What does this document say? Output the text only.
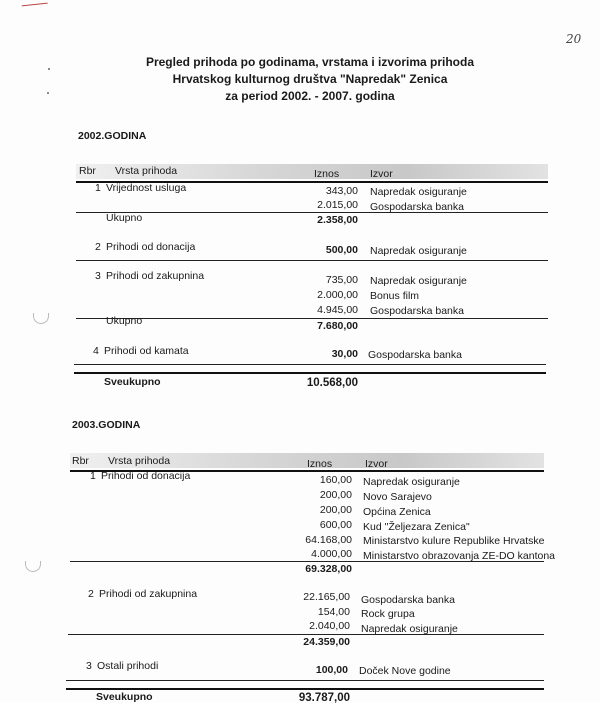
20
Pregled prihoda po godinama, vrstama i izvorima prihoda
Hrvatskog kulturnog društva "Napredak" Zenica
za period 2002. - 2007. godina
2002.GODINA
Rbr Vrsta prihoda	Iznos	Izvor
1 Vrijednost usluga	343,00 Napredak osiguranje
2.015,00 Gospodarska banka
Ukupno	2.358,00
2 Prihodi od donacija	500,00 Napredak osiguranje
3 Prihodi od zakupnina	735,00 Napredak osiguranje
2.000,00 Bonus film
4.945,00 Gospodarska banka
Ukupno	7.680,00
4 Prihodi od kamata	30,00 Gospodarska banka
Sveukupno	10.568,00
2003.GODINA
Rbr Vrsta prihoda	Iznos	Izvor
1 Prihodi od donacija	160,00 Napredak osiguranje
200,00 Novo Sarajevo
200,00 Općina Zenica
600,00 Kud "Željezara Zenica"
64.168,00 Ministarstvo kulure Republike Hrvatske
4.000,00 Ministarstvo obrazovanja ZE-DO kantona
69.328,00
2 Prihodi od zakupnina	22.165,00 Gospodarska banka
154,00 Rock grupa
2.040,00 Napredak osiguranje
24.359,00
3 Ostali prihodi	100,00 Doček Nove godine
Sveukupno	93.787,00
